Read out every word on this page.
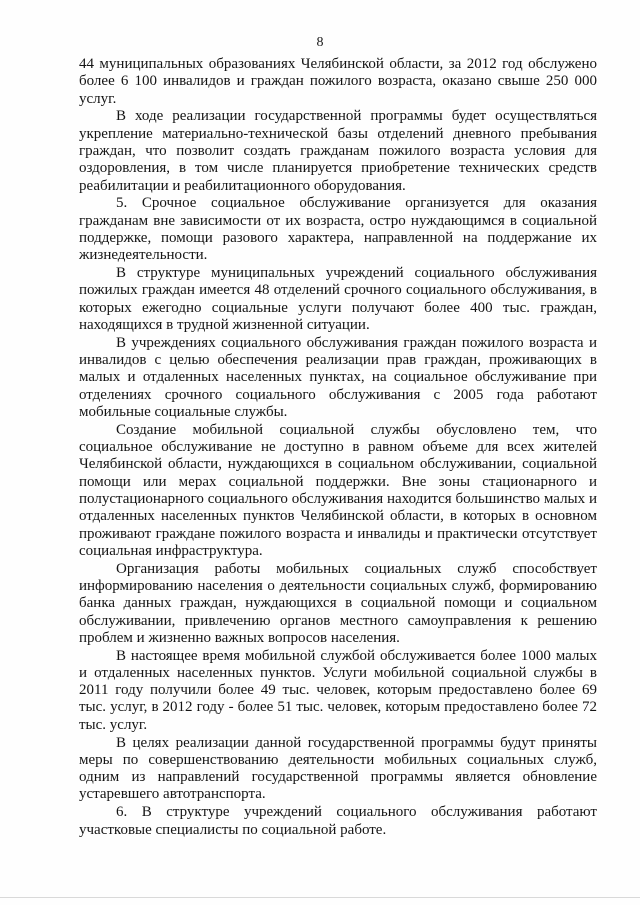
8

44 муниципальных образованиях Челябинской области, за 2012 год обслужено более 6 100 инвалидов и граждан пожилого возраста, оказано свыше 250 000 услуг.

В ходе реализации государственной программы будет осуществляться укрепление материально-технической базы отделений дневного пребывания граждан, что позволит создать гражданам пожилого возраста условия для оздоровления, в том числе планируется приобретение технических средств реабилитации и реабилитационного оборудования.

5. Срочное социальное обслуживание организуется для оказания гражданам вне зависимости от их возраста, остро нуждающимся в социальной поддержке, помощи разового характера, направленной на поддержание их жизнедеятельности.

В структуре муниципальных учреждений социального обслуживания пожилых граждан имеется 48 отделений срочного социального обслуживания, в которых ежегодно социальные услуги получают более 400 тыс. граждан, находящихся в трудной жизненной ситуации.

В учреждениях социального обслуживания граждан пожилого возраста и инвалидов с целью обеспечения реализации прав граждан, проживающих в малых и отдаленных населенных пунктах, на социальное обслуживание при отделениях срочного социального обслуживания с 2005 года работают мобильные социальные службы.

Создание мобильной социальной службы обусловлено тем, что социальное обслуживание не доступно в равном объеме для всех жителей Челябинской области, нуждающихся в социальном обслуживании, социальной помощи или мерах социальной поддержки. Вне зоны стационарного и полустационарного социального обслуживания находится большинство малых и отдаленных населенных пунктов Челябинской области, в которых в основном проживают граждане пожилого возраста и инвалиды и практически отсутствует социальная инфраструктура.

Организация работы мобильных социальных служб способствует информированию населения о деятельности социальных служб, формированию банка данных граждан, нуждающихся в социальной помощи и социальном обслуживании, привлечению органов местного самоуправления к решению проблем и жизненно важных вопросов населения.

В настоящее время мобильной службой обслуживается более 1000 малых и отдаленных населенных пунктов. Услуги мобильной социальной службы в 2011 году получили более 49 тыс. человек, которым предоставлено более 69 тыс. услуг, в 2012 году - более 51 тыс. человек, которым предоставлено более 72 тыс. услуг.

В целях реализации данной государственной программы будут приняты меры по совершенствованию деятельности мобильных социальных служб, одним из направлений государственной программы является обновление устаревшего автотранспорта.

6. В структуре учреждений социального обслуживания работают участковые специалисты по социальной работе.
